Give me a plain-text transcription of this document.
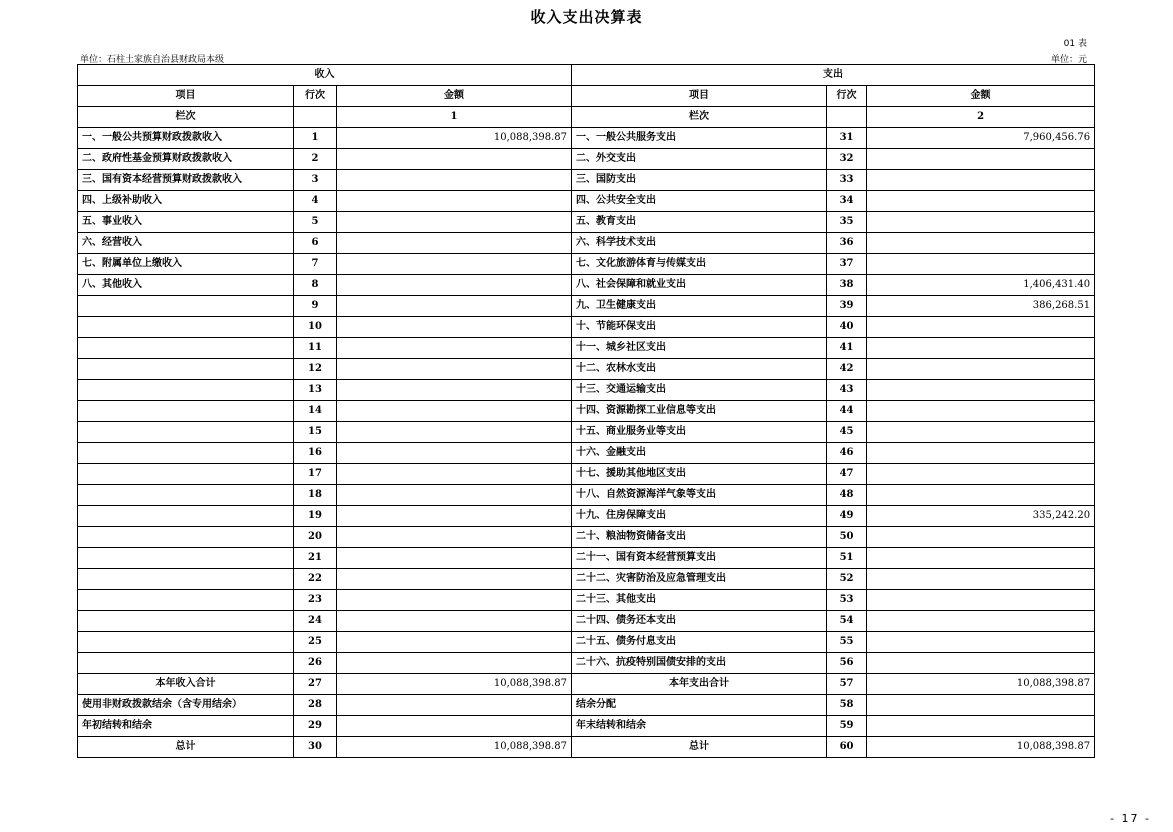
收入支出决算表
01 表
单位：石柱土家族自治县财政局本级	单位：元
收入			支出		
项目	行次	金额	项目	行次	金额
栏次		1	栏次		2
一、一般公共预算财政拨款收入	1	10,088,398.87	一、一般公共服务支出	31	7,960,456.76
二、政府性基金预算财政拨款收入	2		二、外交支出	32	
三、国有资本经营预算财政拨款收入	3		三、国防支出	33	
四、上级补助收入	4		四、公共安全支出	34	
五、事业收入	5		五、教育支出	35	
六、经营收入	6		六、科学技术支出	36	
七、附属单位上缴收入	7		七、文化旅游体育与传媒支出	37	
八、其他收入	8		八、社会保障和就业支出	38	1,406,431.40
	9		九、卫生健康支出	39	386,268.51
	10		十、节能环保支出	40	
	11		十一、城乡社区支出	41	
	12		十二、农林水支出	42	
	13		十三、交通运输支出	43	
	14		十四、资源勘探工业信息等支出	44	
	15		十五、商业服务业等支出	45	
	16		十六、金融支出	46	
	17		十七、援助其他地区支出	47	
	18		十八、自然资源海洋气象等支出	48	
	19		十九、住房保障支出	49	335,242.20
	20		二十、粮油物资储备支出	50	
	21		二十一、国有资本经营预算支出	51	
	22		二十二、灾害防治及应急管理支出	52	
	23		二十三、其他支出	53	
	24		二十四、债务还本支出	54	
	25		二十五、债务付息支出	55	
	26		二十六、抗疫特别国债安排的支出	56	
本年收入合计	27	10,088,398.87	本年支出合计	57	10,088,398.87
使用非财政拨款结余（含专用结余）	28		结余分配	58	
年初结转和结余	29		年末结转和结余	59	
总计	30	10,088,398.87	总计	60	10,088,398.87
- 17 -
